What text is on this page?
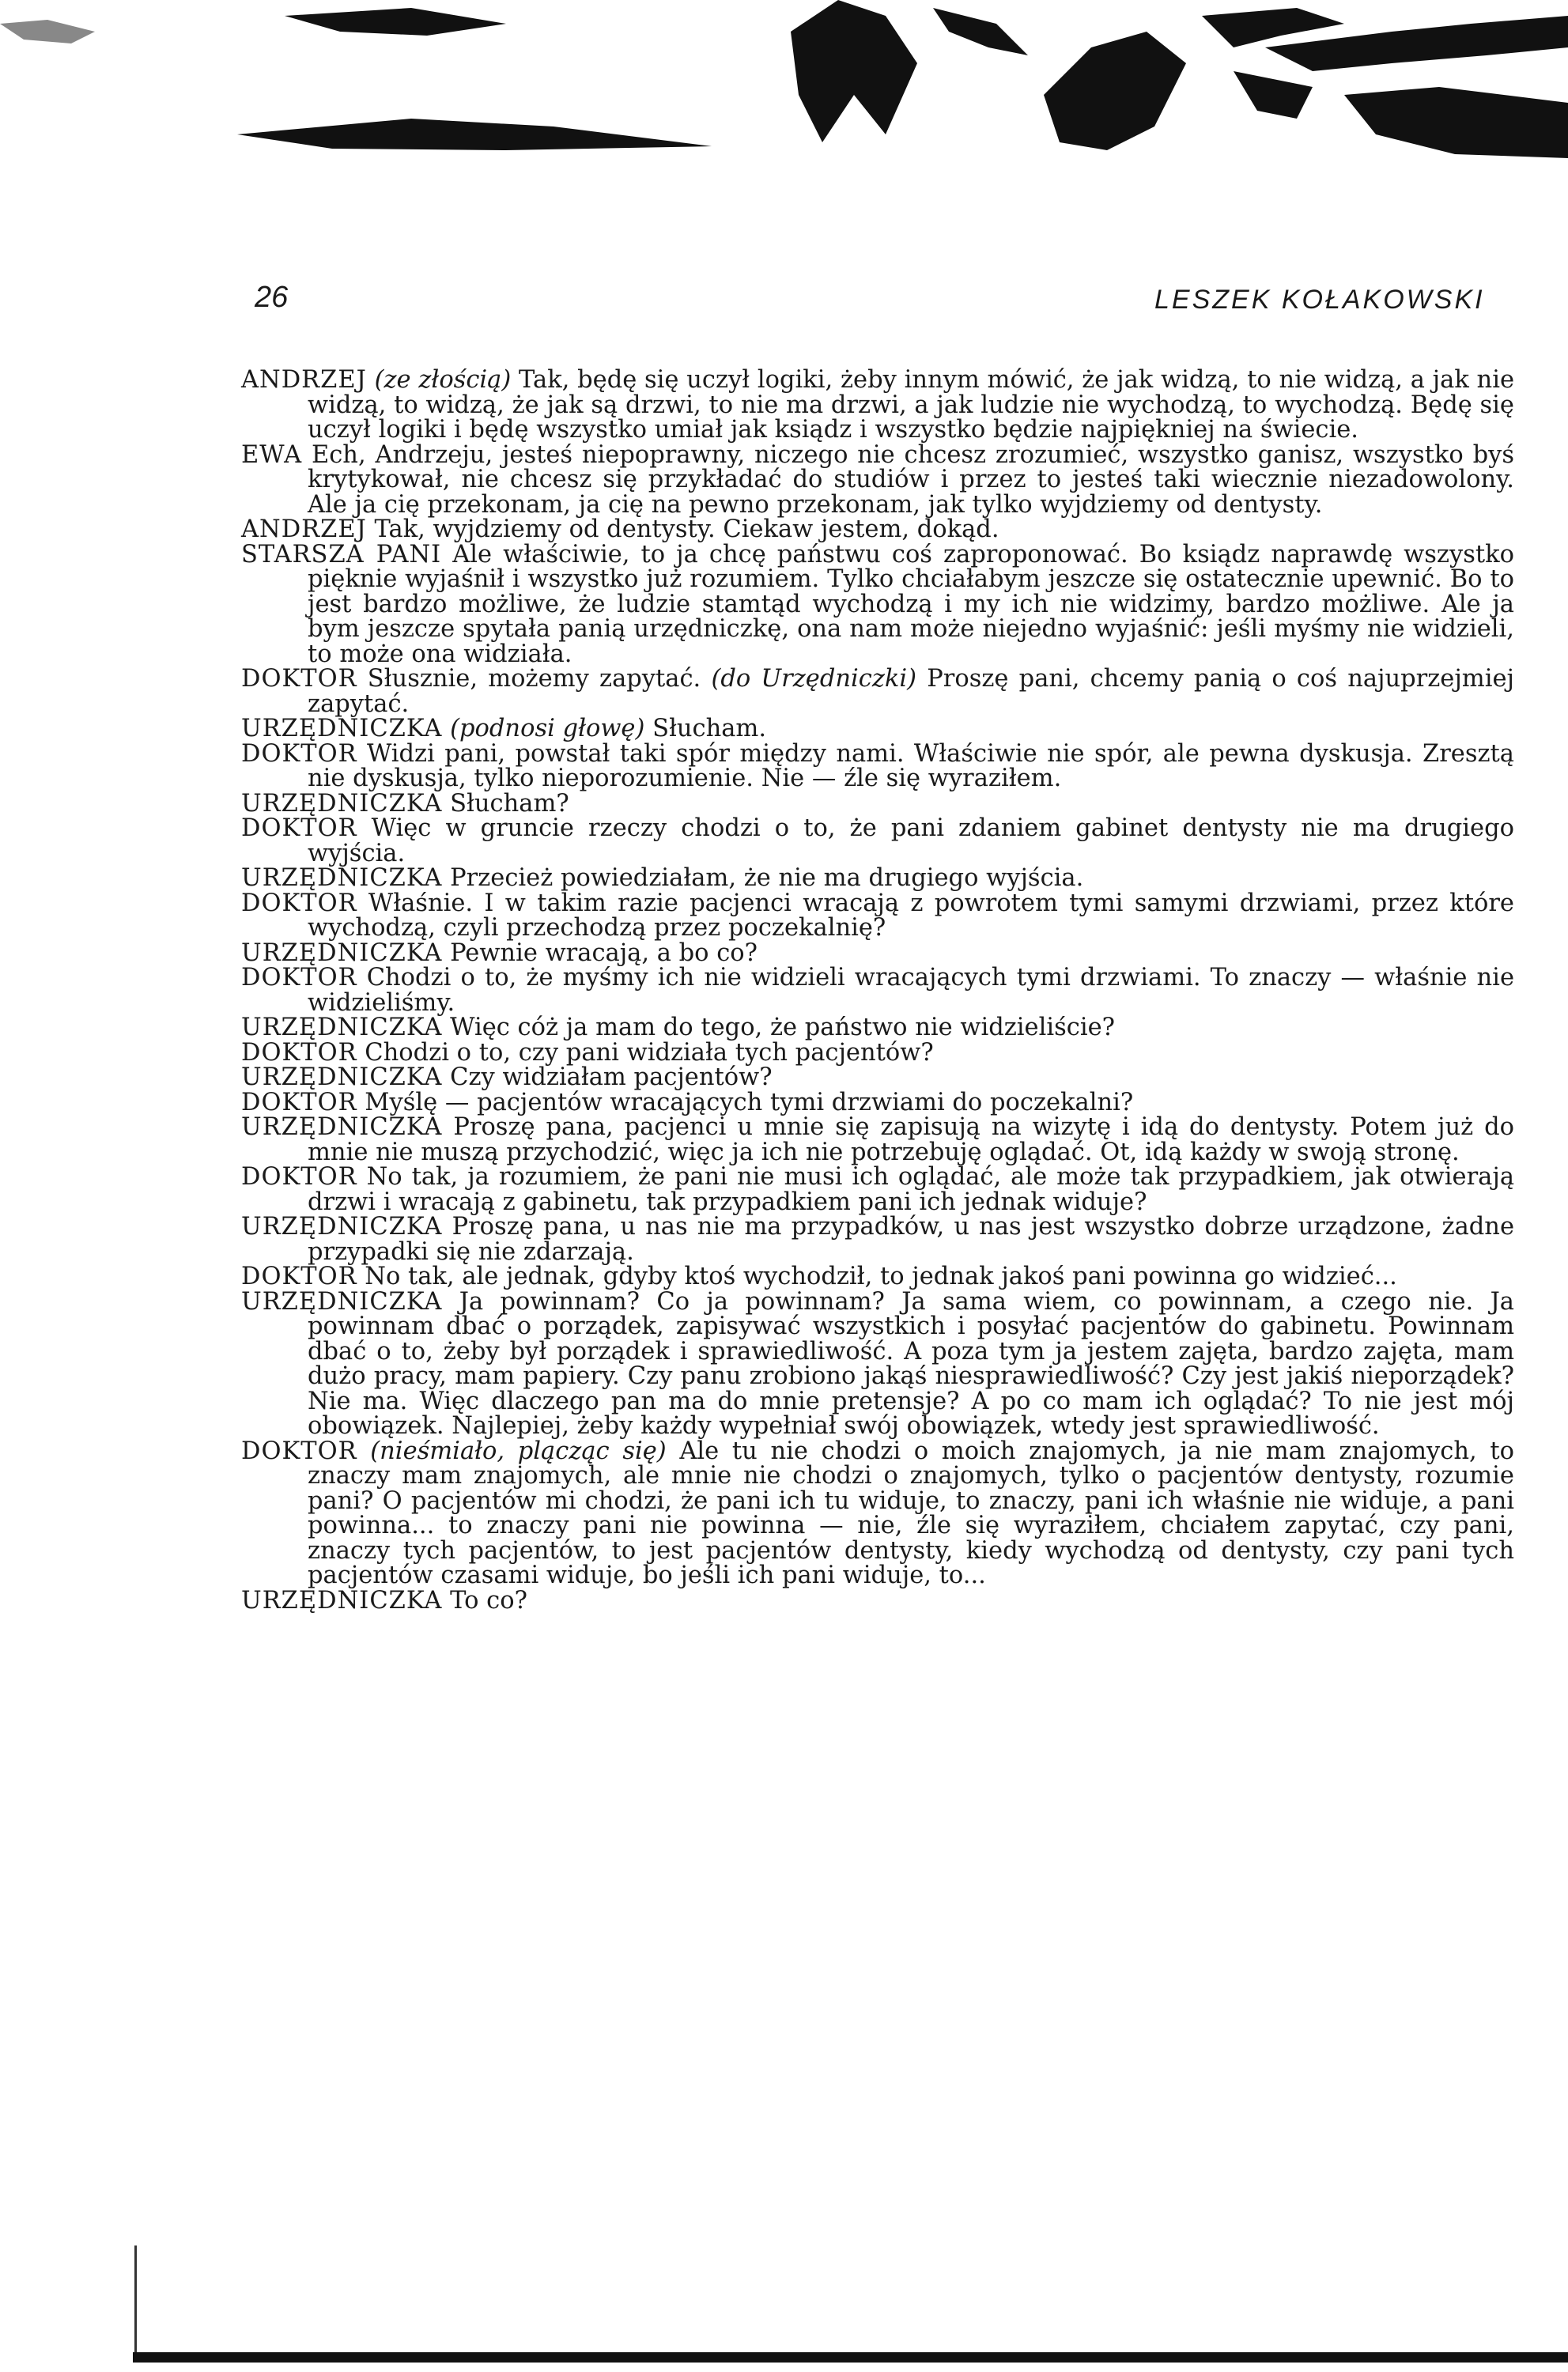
26	LESZEK KOŁAKOWSKI

ANDRZEJ (ze złością) Tak, będę się uczył logiki, żeby innym mówić, że jak widzą, to nie widzą, a jak nie widzą, to widzą, że jak są drzwi, to nie ma drzwi, a jak ludzie nie wychodzą, to wychodzą. Będę się uczył logiki i będę wszystko umiał jak ksiądz i wszystko będzie najpiękniej na świecie.

EWA Ech, Andrzeju, jesteś niepoprawny, niczego nie chcesz zrozumieć, wszystko ganisz, wszystko byś krytykował, nie chcesz się przykładać do studiów i przez to jesteś taki wiecznie niezadowolony. Ale ja cię przekonam, ja cię na pewno przekonam, jak tylko wyjdziemy od dentysty.

ANDRZEJ Tak, wyjdziemy od dentysty. Ciekaw jestem, dokąd.

STARSZA PANI Ale właściwie, to ja chcę państwu coś zaproponować. Bo ksiądz naprawdę wszystko pięknie wyjaśnił i wszystko już rozumiem. Tylko chciałabym jeszcze się ostatecznie upewnić. Bo to jest bardzo możliwe, że ludzie stamtąd wychodzą i my ich nie widzimy, bardzo możliwe. Ale ja bym jeszcze spytała panią urzędniczkę, ona nam może niejedno wyjaśnić: jeśli myśmy nie widzieli, to może ona widziała.

DOKTOR Słusznie, możemy zapytać. (do Urzędniczki) Proszę pani, chcemy panią o coś najuprzejmiej zapytać.

URZĘDNICZKA (podnosi głowę) Słucham.

DOKTOR Widzi pani, powstał taki spór między nami. Właściwie nie spór, ale pewna dyskusja. Zresztą nie dyskusja, tylko nieporozumienie. Nie — źle się wyraziłem.

URZĘDNICZKA Słucham?

DOKTOR Więc w gruncie rzeczy chodzi o to, że pani zdaniem gabinet dentysty nie ma drugiego wyjścia.

URZĘDNICZKA Przecież powiedziałam, że nie ma drugiego wyjścia.

DOKTOR Właśnie. I w takim razie pacjenci wracają z powrotem tymi samymi drzwiami, przez które wychodzą, czyli przechodzą przez poczekalnię?

URZĘDNICZKA Pewnie wracają, a bo co?

DOKTOR Chodzi o to, że myśmy ich nie widzieli wracających tymi drzwiami. To znaczy — właśnie nie widzieliśmy.

URZĘDNICZKA Więc cóż ja mam do tego, że państwo nie widzieliście?

DOKTOR Chodzi o to, czy pani widziała tych pacjentów?

URZĘDNICZKA Czy widziałam pacjentów?

DOKTOR Myślę — pacjentów wracających tymi drzwiami do poczekalni?

URZĘDNICZKA Proszę pana, pacjenci u mnie się zapisują na wizytę i idą do dentysty. Potem już do mnie nie muszą przychodzić, więc ja ich nie potrzebuję oglądać. Ot, idą każdy w swoją stronę.

DOKTOR No tak, ja rozumiem, że pani nie musi ich oglądać, ale może tak przypadkiem, jak otwierają drzwi i wracają z gabinetu, tak przypadkiem pani ich jednak widuje?

URZĘDNICZKA Proszę pana, u nas nie ma przypadków, u nas jest wszystko dobrze urządzone, żadne przypadki się nie zdarzają.

DOKTOR No tak, ale jednak, gdyby ktoś wychodził, to jednak jakoś pani powinna go widzieć...

URZĘDNICZKA Ja powinnam? Co ja powinnam? Ja sama wiem, co powinnam, a czego nie. Ja powinnam dbać o porządek, zapisywać wszystkich i posyłać pacjentów do gabinetu. Powinnam dbać o to, żeby był porządek i sprawiedliwość. A poza tym ja jestem zajęta, bardzo zajęta, mam dużo pracy, mam papiery. Czy panu zrobiono jakąś niesprawiedliwość? Czy jest jakiś nieporządek? Nie ma. Więc dlaczego pan ma do mnie pretensje? A po co mam ich oglądać? To nie jest mój obowiązek. Najlepiej, żeby każdy wypełniał swój obowiązek, wtedy jest sprawiedliwość.

DOKTOR (nieśmiało, plącząc się) Ale tu nie chodzi o moich znajomych, ja nie mam znajomych, to znaczy mam znajomych, ale mnie nie chodzi o znajomych, tylko o pacjentów dentysty, rozumie pani? O pacjentów mi chodzi, że pani ich tu widuje, to znaczy, pani ich właśnie nie widuje, a pani powinna... to znaczy pani nie powinna — nie, źle się wyraziłem, chciałem zapytać, czy pani, znaczy tych pacjentów, to jest pacjentów dentysty, kiedy wychodzą od dentysty, czy pani tych pacjentów czasami widuje, bo jeśli ich pani widuje, to...

URZĘDNICZKA To co?
